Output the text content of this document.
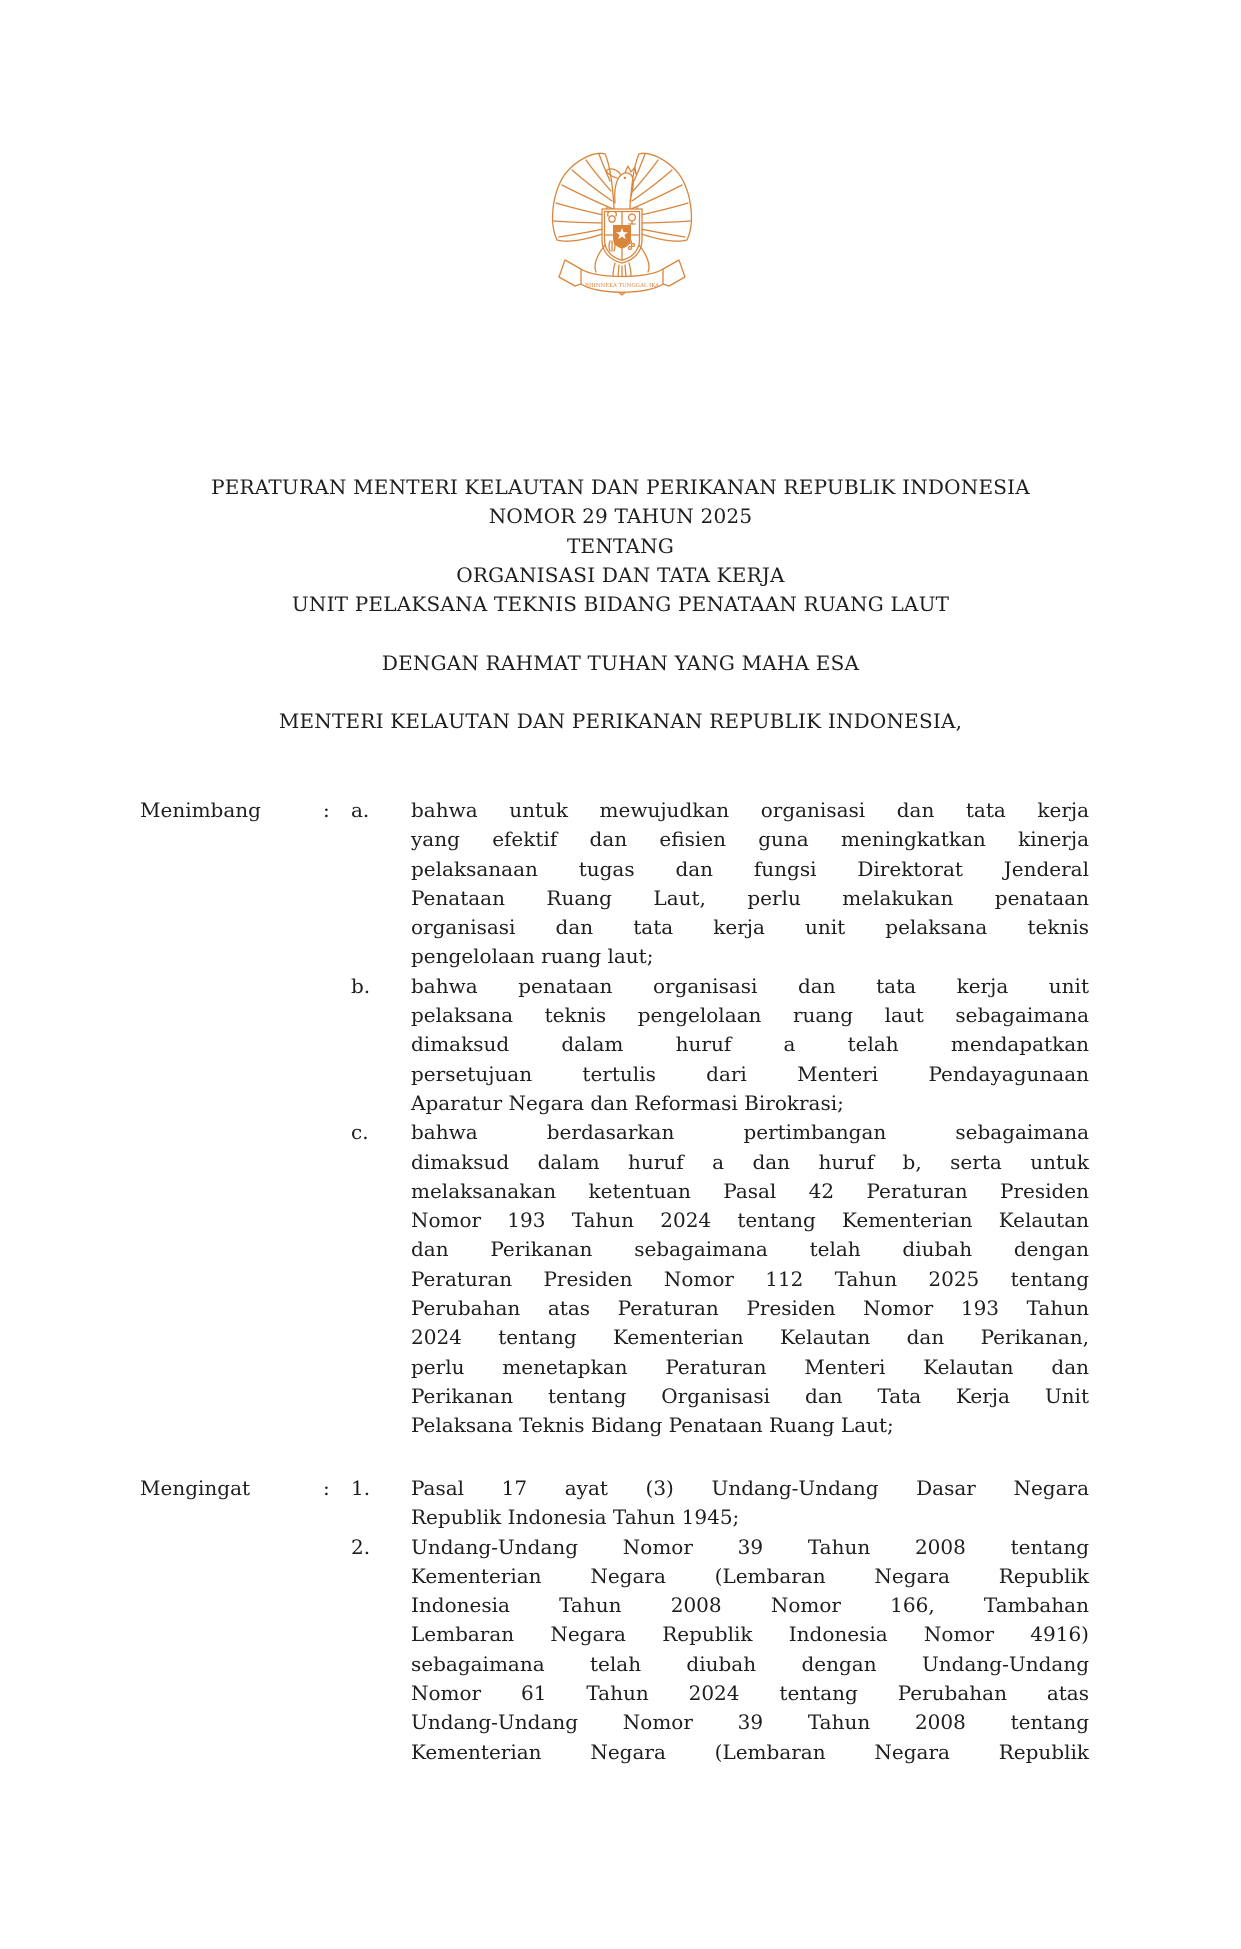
BHINNEKA TUNGGAL IKA
PERATURAN MENTERI KELAUTAN DAN PERIKANAN REPUBLIK INDONESIA
NOMOR 29 TAHUN 2025
TENTANG
ORGANISASI DAN TATA KERJA
UNIT PELAKSANA TEKNIS BIDANG PENATAAN RUANG LAUT
DENGAN RAHMAT TUHAN YANG MAHA ESA
MENTERI KELAUTAN DAN PERIKANAN REPUBLIK INDONESIA,
Menimbang	: a.	bahwa untuk mewujudkan organisasi dan tata kerja
yang efektif dan efisien guna meningkatkan kinerja
pelaksanaan tugas dan fungsi Direktorat Jenderal
Penataan Ruang Laut, perlu melakukan penataan
organisasi dan tata kerja unit pelaksana teknis
pengelolaan ruang laut;
b.	bahwa penataan organisasi dan tata kerja unit
pelaksana teknis pengelolaan ruang laut sebagaimana
dimaksud dalam huruf a telah mendapatkan
persetujuan tertulis dari Menteri Pendayagunaan
Aparatur Negara dan Reformasi Birokrasi;
c.	bahwa berdasarkan pertimbangan sebagaimana
dimaksud dalam huruf a dan huruf b, serta untuk
melaksanakan ketentuan Pasal 42 Peraturan Presiden
Nomor 193 Tahun 2024 tentang Kementerian Kelautan
dan Perikanan sebagaimana telah diubah dengan
Peraturan Presiden Nomor 112 Tahun 2025 tentang
Perubahan atas Peraturan Presiden Nomor 193 Tahun
2024 tentang Kementerian Kelautan dan Perikanan,
perlu menetapkan Peraturan Menteri Kelautan dan
Perikanan tentang Organisasi dan Tata Kerja Unit
Pelaksana Teknis Bidang Penataan Ruang Laut;
Mengingat	: 1.	Pasal 17 ayat (3) Undang-Undang Dasar Negara
Republik Indonesia Tahun 1945;
2.	Undang-Undang Nomor 39 Tahun 2008 tentang
Kementerian Negara (Lembaran Negara Republik
Indonesia Tahun 2008 Nomor 166, Tambahan
Lembaran Negara Republik Indonesia Nomor 4916)
sebagaimana telah diubah dengan Undang-Undang
Nomor 61 Tahun 2024 tentang Perubahan atas
Undang-Undang Nomor 39 Tahun 2008 tentang
Kementerian Negara (Lembaran Negara Republik
